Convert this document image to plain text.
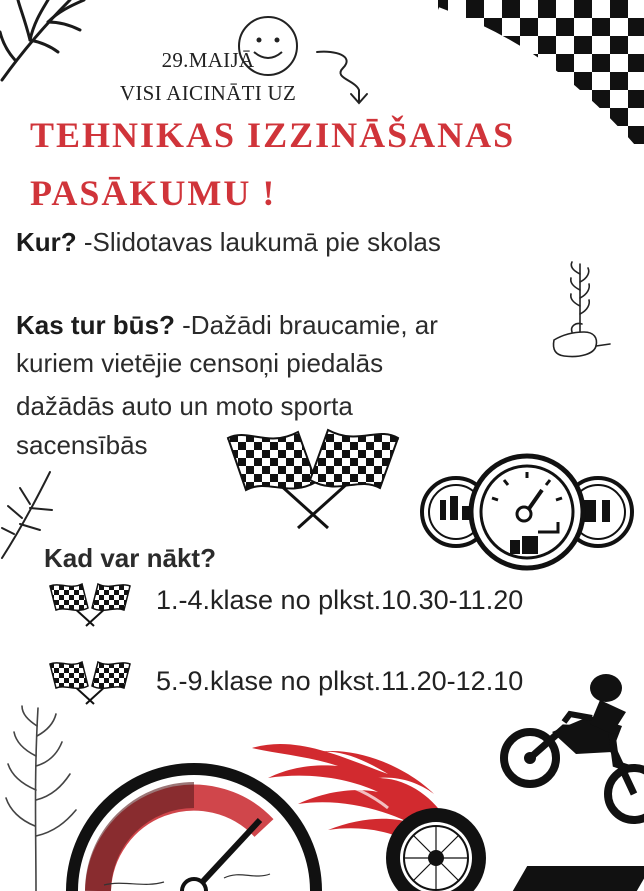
29.MAIJĀ
VISI AICINĀTI UZ
TEHNIKAS IZZINĀŠANAS
PASĀKUMU !
Kur? -Slidotavas laukumā pie skolas
Kas tur būs? -Dažādi braucamie, ar
kuriem vietējie censoņi piedalās
dažādās auto un moto sporta
sacensībās
Kad var nākt?
1.-4.klase no plkst.10.30-11.20
5.-9.klase no plkst.11.20-12.10
